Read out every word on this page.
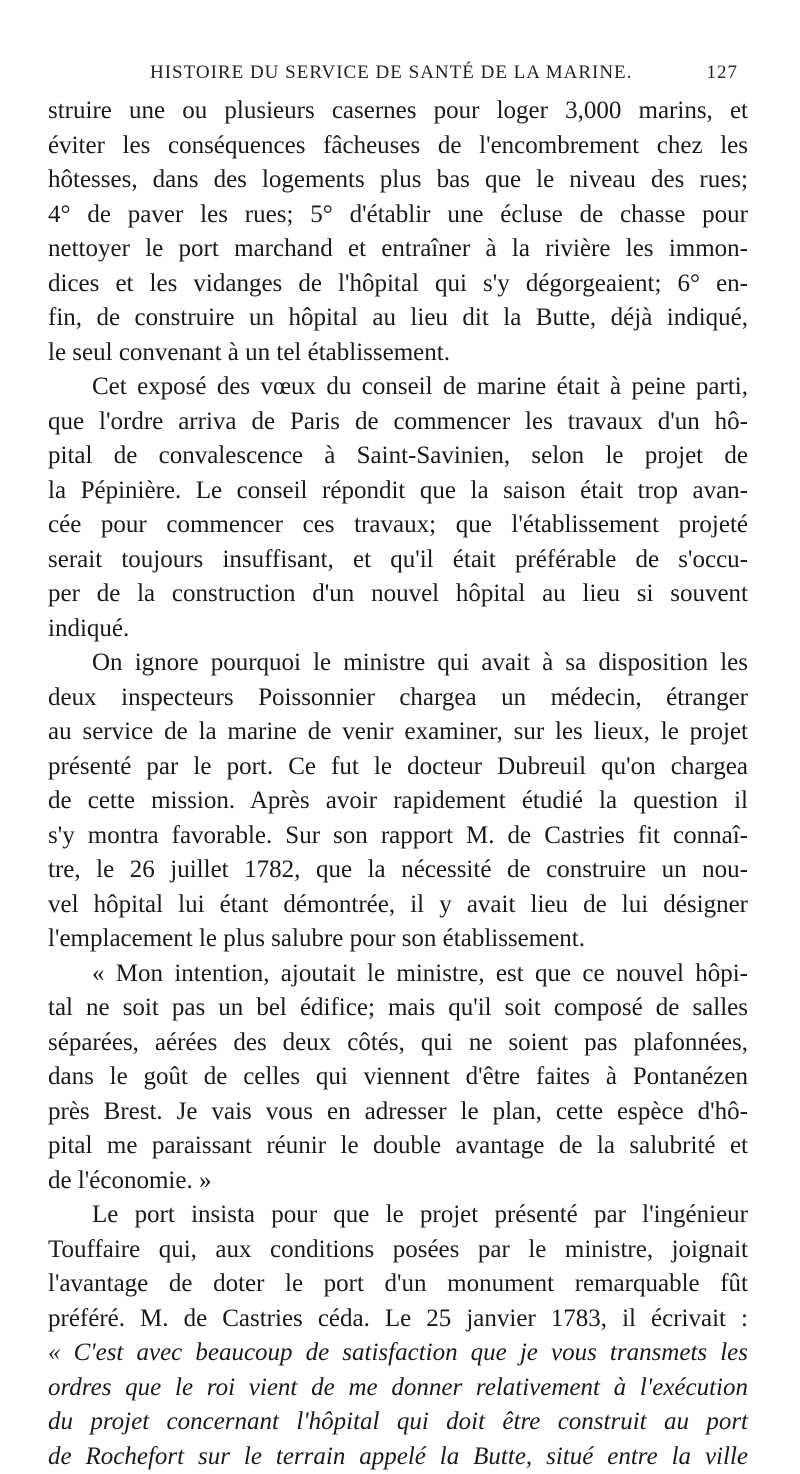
HISTOIRE DU SERVICE DE SANTÉ DE LA MARINE.	127
struire une ou plusieurs casernes pour loger 3,000 marins, et
éviter les conséquences fâcheuses de l'encombrement chez les
hôtesses, dans des logements plus bas que le niveau des rues;
4° de paver les rues; 5° d'établir une écluse de chasse pour
nettoyer le port marchand et entraîner à la rivière les immon-
dices et les vidanges de l'hôpital qui s'y dégorgeaient; 6° en-
fin, de construire un hôpital au lieu dit la Butte, déjà indiqué,
le seul convenant à un tel établissement.
Cet exposé des vœux du conseil de marine était à peine parti,
que l'ordre arriva de Paris de commencer les travaux d'un hô-
pital de convalescence à Saint-Savinien, selon le projet de
la Pépinière. Le conseil répondit que la saison était trop avan-
cée pour commencer ces travaux; que l'établissement projeté
serait toujours insuffisant, et qu'il était préférable de s'occu-
per de la construction d'un nouvel hôpital au lieu si souvent
indiqué.
On ignore pourquoi le ministre qui avait à sa disposition les
deux inspecteurs Poissonnier chargea un médecin, étranger
au service de la marine de venir examiner, sur les lieux, le projet
présenté par le port. Ce fut le docteur Dubreuil qu'on chargea
de cette mission. Après avoir rapidement étudié la question il
s'y montra favorable. Sur son rapport M. de Castries fit connaî-
tre, le 26 juillet 1782, que la nécessité de construire un nou-
vel hôpital lui étant démontrée, il y avait lieu de lui désigner
l'emplacement le plus salubre pour son établissement.
« Mon intention, ajoutait le ministre, est que ce nouvel hôpi-
tal ne soit pas un bel édifice; mais qu'il soit composé de salles
séparées, aérées des deux côtés, qui ne soient pas plafonnées,
dans le goût de celles qui viennent d'être faites à Pontanézen
près Brest. Je vais vous en adresser le plan, cette espèce d'hô-
pital me paraissant réunir le double avantage de la salubrité et
de l'économie. »
Le port insista pour que le projet présenté par l'ingénieur
Touffaire qui, aux conditions posées par le ministre, joignait
l'avantage de doter le port d'un monument remarquable fût
préféré. M. de Castries céda. Le 25 janvier 1783, il écrivait :
« C'est avec beaucoup de satisfaction que je vous transmets les
ordres que le roi vient de me donner relativement à l'exécution
du projet concernant l'hôpital qui doit être construit au port
de Rochefort sur le terrain appelé la Butte, situé entre la ville
